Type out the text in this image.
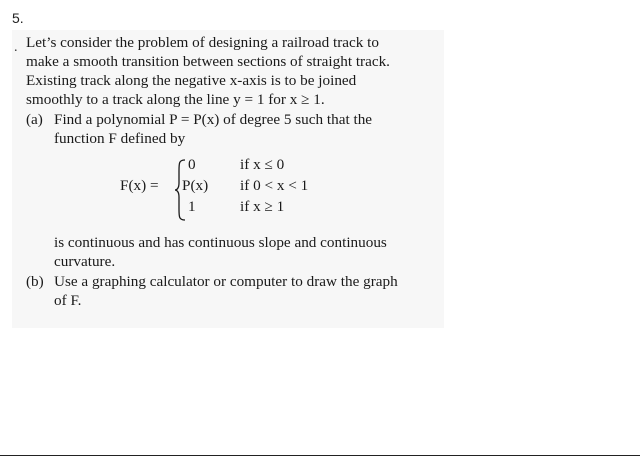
5.
. Let’s consider the problem of designing a railroad track to
make a smooth transition between sections of straight track.
Existing track along the negative x-axis is to be joined
smoothly to a track along the line y = 1 for x ≥ 1.
(a) Find a polynomial P = P(x) of degree 5 such that the
function F defined by
F(x) =
0	if x ≤ 0
P(x) if 0 < x < 1
1	if x ≥ 1
is continuous and has continuous slope and continuous
curvature.
(b) Use a graphing calculator or computer to draw the graph
of F.
